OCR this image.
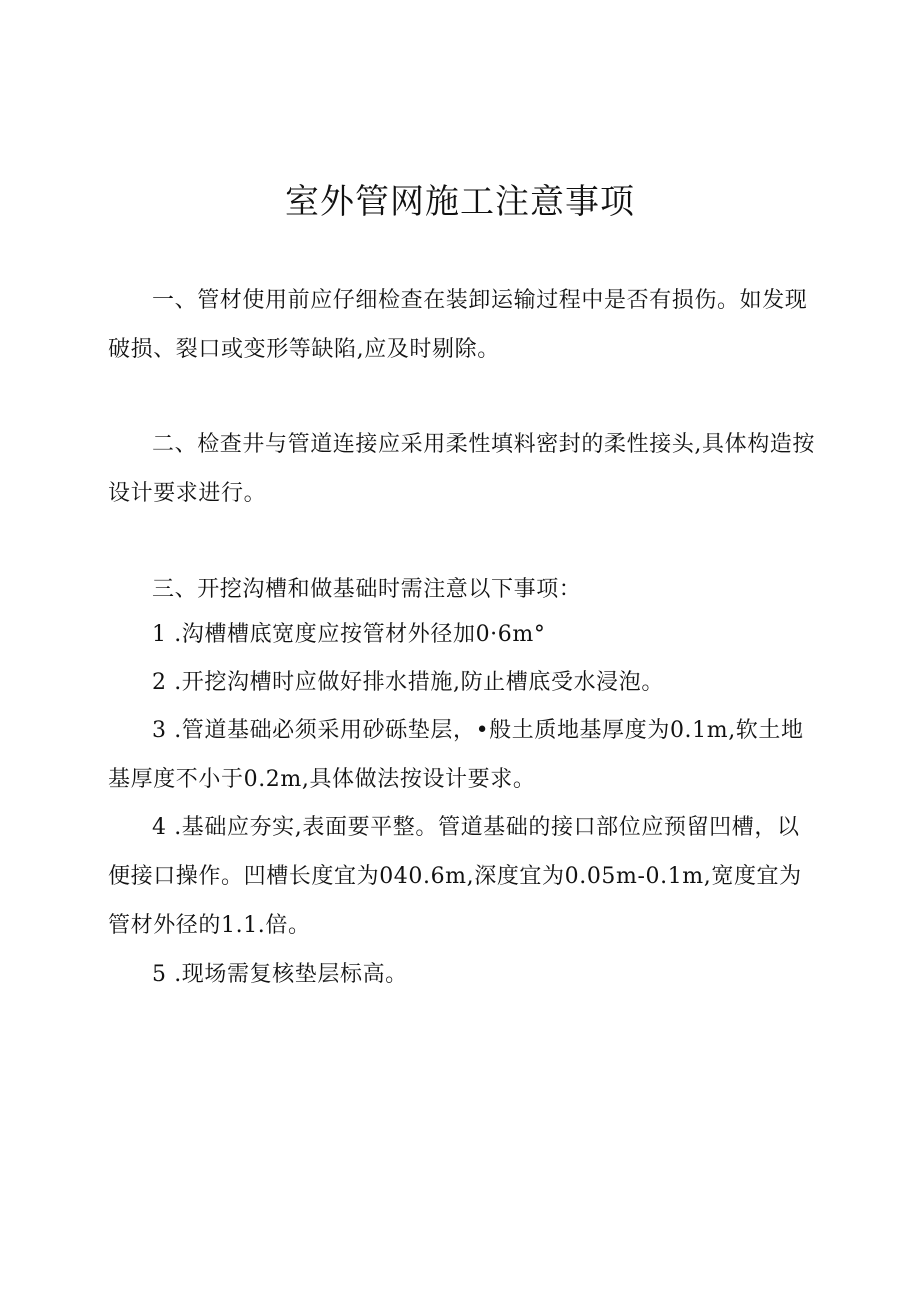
室外管网施工注意事项

一、管材使用前应仔细检查在装卸运输过程中是否有损伤。如发现破损、裂口或变形等缺陷,应及时剔除。

二、检查井与管道连接应采用柔性填料密封的柔性接头,具体构造按设计要求进行。

三、开挖沟槽和做基础时需注意以下事项：

1 .沟槽槽底宽度应按管材外径加0·6m°

2 .开挖沟槽时应做好排水措施,防止槽底受水浸泡。

3 .管道基础必须采用砂砾垫层，•般土质地基厚度为0.1m,软土地基厚度不小于0.2m,具体做法按设计要求。

4 .基础应夯实,表面要平整。管道基础的接口部位应预留凹槽，以便接口操作。凹槽长度宜为040.6m,深度宜为0.05m-0.1m,宽度宜为管材外径的1.1.倍。

5 .现场需复核垫层标高。
